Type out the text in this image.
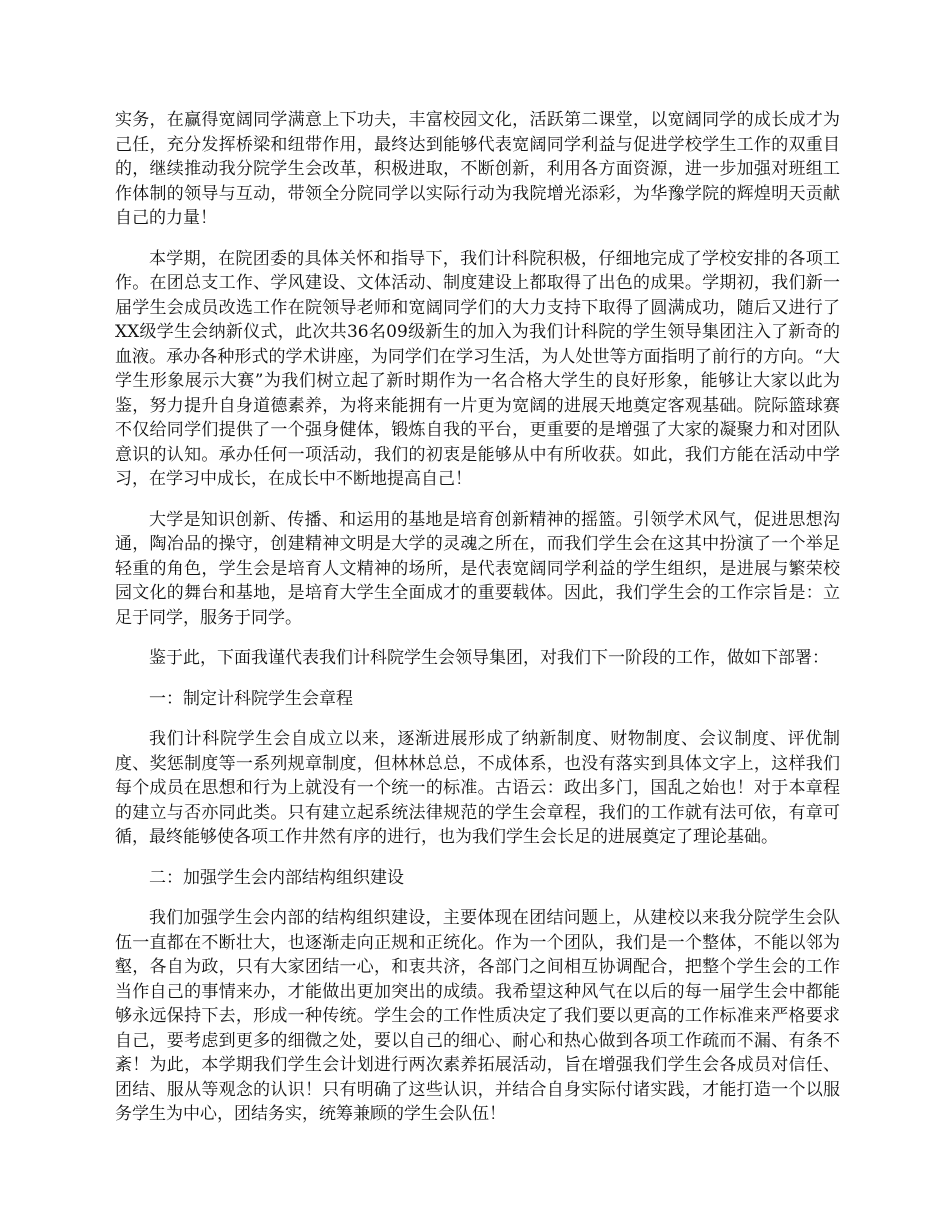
实务，在赢得宽阔同学满意上下功夫，丰富校园文化，活跃第二课堂，以宽阔同学的成长成才为己任，充分发挥桥梁和纽带作用，最终达到能够代表宽阔同学利益与促进学校学生工作的双重目的，继续推动我分院学生会改革，积极进取，不断创新，利用各方面资源，进一步加强对班组工作体制的领导与互动，带领全分院同学以实际行动为我院增光添彩，为华豫学院的辉煌明天贡献自己的力量！

本学期，在院团委的具体关怀和指导下，我们计科院积极，仔细地完成了学校安排的各项工作。在团总支工作、学风建设、文体活动、制度建设上都取得了出色的成果。学期初，我们新一届学生会成员改选工作在院领导老师和宽阔同学们的大力支持下取得了圆满成功，随后又进行了XX级学生会纳新仪式，此次共36名09级新生的加入为我们计科院的学生领导集团注入了新奇的血液。承办各种形式的学术讲座，为同学们在学习生活，为人处世等方面指明了前行的方向。“大学生形象展示大赛”为我们树立起了新时期作为一名合格大学生的良好形象，能够让大家以此为鉴，努力提升自身道德素养，为将来能拥有一片更为宽阔的进展天地奠定客观基础。院际篮球赛不仅给同学们提供了一个强身健体，锻炼自我的平台，更重要的是增强了大家的凝聚力和对团队意识的认知。承办任何一项活动，我们的初衷是能够从中有所收获。如此，我们方能在活动中学习，在学习中成长，在成长中不断地提高自己！

大学是知识创新、传播、和运用的基地是培育创新精神的摇篮。引领学术风气，促进思想沟通，陶冶品的操守，创建精神文明是大学的灵魂之所在，而我们学生会在这其中扮演了一个举足轻重的角色，学生会是培育人文精神的场所，是代表宽阔同学利益的学生组织，是进展与繁荣校园文化的舞台和基地，是培育大学生全面成才的重要载体。因此，我们学生会的工作宗旨是：立足于同学，服务于同学。

鉴于此，下面我谨代表我们计科院学生会领导集团，对我们下一阶段的工作，做如下部署：

一：制定计科院学生会章程

我们计科院学生会自成立以来，逐渐进展形成了纳新制度、财物制度、会议制度、评优制度、奖惩制度等一系列规章制度，但林林总总，不成体系，也没有落实到具体文字上，这样我们每个成员在思想和行为上就没有一个统一的标准。古语云：政出多门，国乱之始也！对于本章程的建立与否亦同此类。只有建立起系统法律规范的学生会章程，我们的工作就有法可依，有章可循，最终能够使各项工作井然有序的进行，也为我们学生会长足的进展奠定了理论基础。

二：加强学生会内部结构组织建设

我们加强学生会内部的结构组织建设，主要体现在团结问题上，从建校以来我分院学生会队伍一直都在不断壮大，也逐渐走向正规和正统化。作为一个团队，我们是一个整体，不能以邻为壑，各自为政，只有大家团结一心，和衷共济，各部门之间相互协调配合，把整个学生会的工作当作自己的事情来办，才能做出更加突出的成绩。我希望这种风气在以后的每一届学生会中都能够永远保持下去，形成一种传统。学生会的工作性质决定了我们要以更高的工作标准来严格要求自己，要考虑到更多的细微之处，要以自己的细心、耐心和热心做到各项工作疏而不漏、有条不紊！为此，本学期我们学生会计划进行两次素养拓展活动，旨在增强我们学生会各成员对信任、团结、服从等观念的认识！只有明确了这些认识，并结合自身实际付诸实践，才能打造一个以服务学生为中心，团结务实，统筹兼顾的学生会队伍！
